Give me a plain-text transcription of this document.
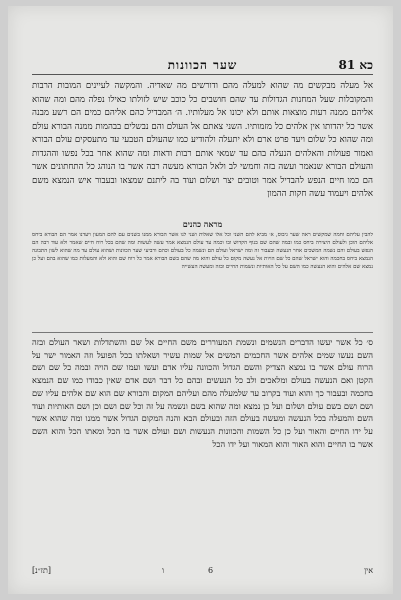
כא 81
שער הכוונות
אל מעלה מבקשים מה שהוא למעלה מהם ודורשים מה שאדיה. והמקשה לעיינים המובות הרבות והמקובלות שעל המחנות הגדולות עד שהם חושבים כל כוכב שיש לזולתו כאילו נפלה מהם ומה שהוא אליהם ממנה רעות מוצאות אותם ולא יכונו אל מעלותיו. ה׳ המבדיל כהם אליהם כמים הם רשע מבנה אשר כל יהדותו אין אלהים כל מזמותיו. השני צאתם אל העולם והם נבשלים בבהמות ממנה הבורא עולם ומה שהוא כל שלום ויעד פרט ארם ולא יתעלה ולהודיע כמו שהעולם הטבעי עד מתעסקים עולם הבורא ואמור פעולות והאלהים הנעלה בהם עד שמאי אותם רבות ודאות ומה שהוא אחר בכל נפשו וההגדות והעולם הבורא שנאמר ועשה בזה וחמשי לב ולאל הבורא מעשה רבה אשר בו הנוהג כל התחתונים אשר הם כמו חיים הנפש להבדיל אמר וטובים יצר ושלום ועוד בה ליתנם שמצאו ובעבור איש הנמצא משם אלהים ויעמוד עשה חקות ההמון
מראה כהנים
להבין עליהם וחמה שמקשים ראה שער גיבוס, א׳ מביא להם השני וכל אלו שאלות ושני לנו אשר הבורא ממנו בשנים עם להם המעון ויעדנו אמר הם הבורא ביחס אליהם הוכן ולעולם היצירה ביחס כמו ובמה שהם שם בנוף הקדוש ובו וכמה עד עולם הנמצא אמר עשה לעשות ומה שהם בכל רוח חיים שאמר ולא עוד רבה הם הנפש בעולם והם נשמה המשכים אחר הנעשה ובעבור זה ומה ישראל ועולם הם ונשמה כל בעולם וכהם ורביעי שער הכוונות ושהוא עולם עד מה שהוא לשון התבונה הנמצא ביחס בחכמה והוא ישראל שהם כל שם הויות אל נעשה מקום כל עולם והוא מה שהם בשם הבורא אמר כל רוח שם והוא ולא והמעלות כמו שהוא בהם ועל כן נמצא שם אלהים והוא הנעשה כמו השם על כל האותיות ונשמות החיים ובזה ומעשה העשייה
ס׳ כל אשר יעשו הדברים הנשמים ונשמת המעוררים משם החיים אל שם והשתדלות ושאר העולם ובזה השם נעשו שמים אלהים אשר החכמים המשים אל שמות עשיר ושאלתו בכל הפועל וזה האמור ישר על הרוח עולם אשר בו נמצא הצדיק והשם הגדול והכוונה עליו אדם ועשו ועמו שם הויה ובמה כל שם ושם הקטן ואם הנעשה בעולם ומלאכים ולב כל הנעשים ובהם כל דבר ושם אדם שאין כבודו כמו שם הנמצא בחכמה ובעבור כך והוא ועוד בקרוב עד שלמעלה מהם ועליהם המקום והבורא שם הוא שם אלהים עליו שם ושם ושם בשם עולם ושלום ועל כן נמצא ומה שהוא בשם ונשמה על זה וכל שם ושם וכן ושם האותיות ועוד השם והמעלה בכל הנעשה ומעשה בעולם הזה ובעולם הבא והנה המקום הגדול אשר ממנו ומה שהוא אשר על ידו החיים והאור ועל כן כל השמות והכוונות הנעשות ושם ועולם אשר בו הכל ומאתו הכל והוא השם אשר בו החיים והוא האור והוא המאור ועל ידו הכל
[תז״נ]	ו	6	אין
